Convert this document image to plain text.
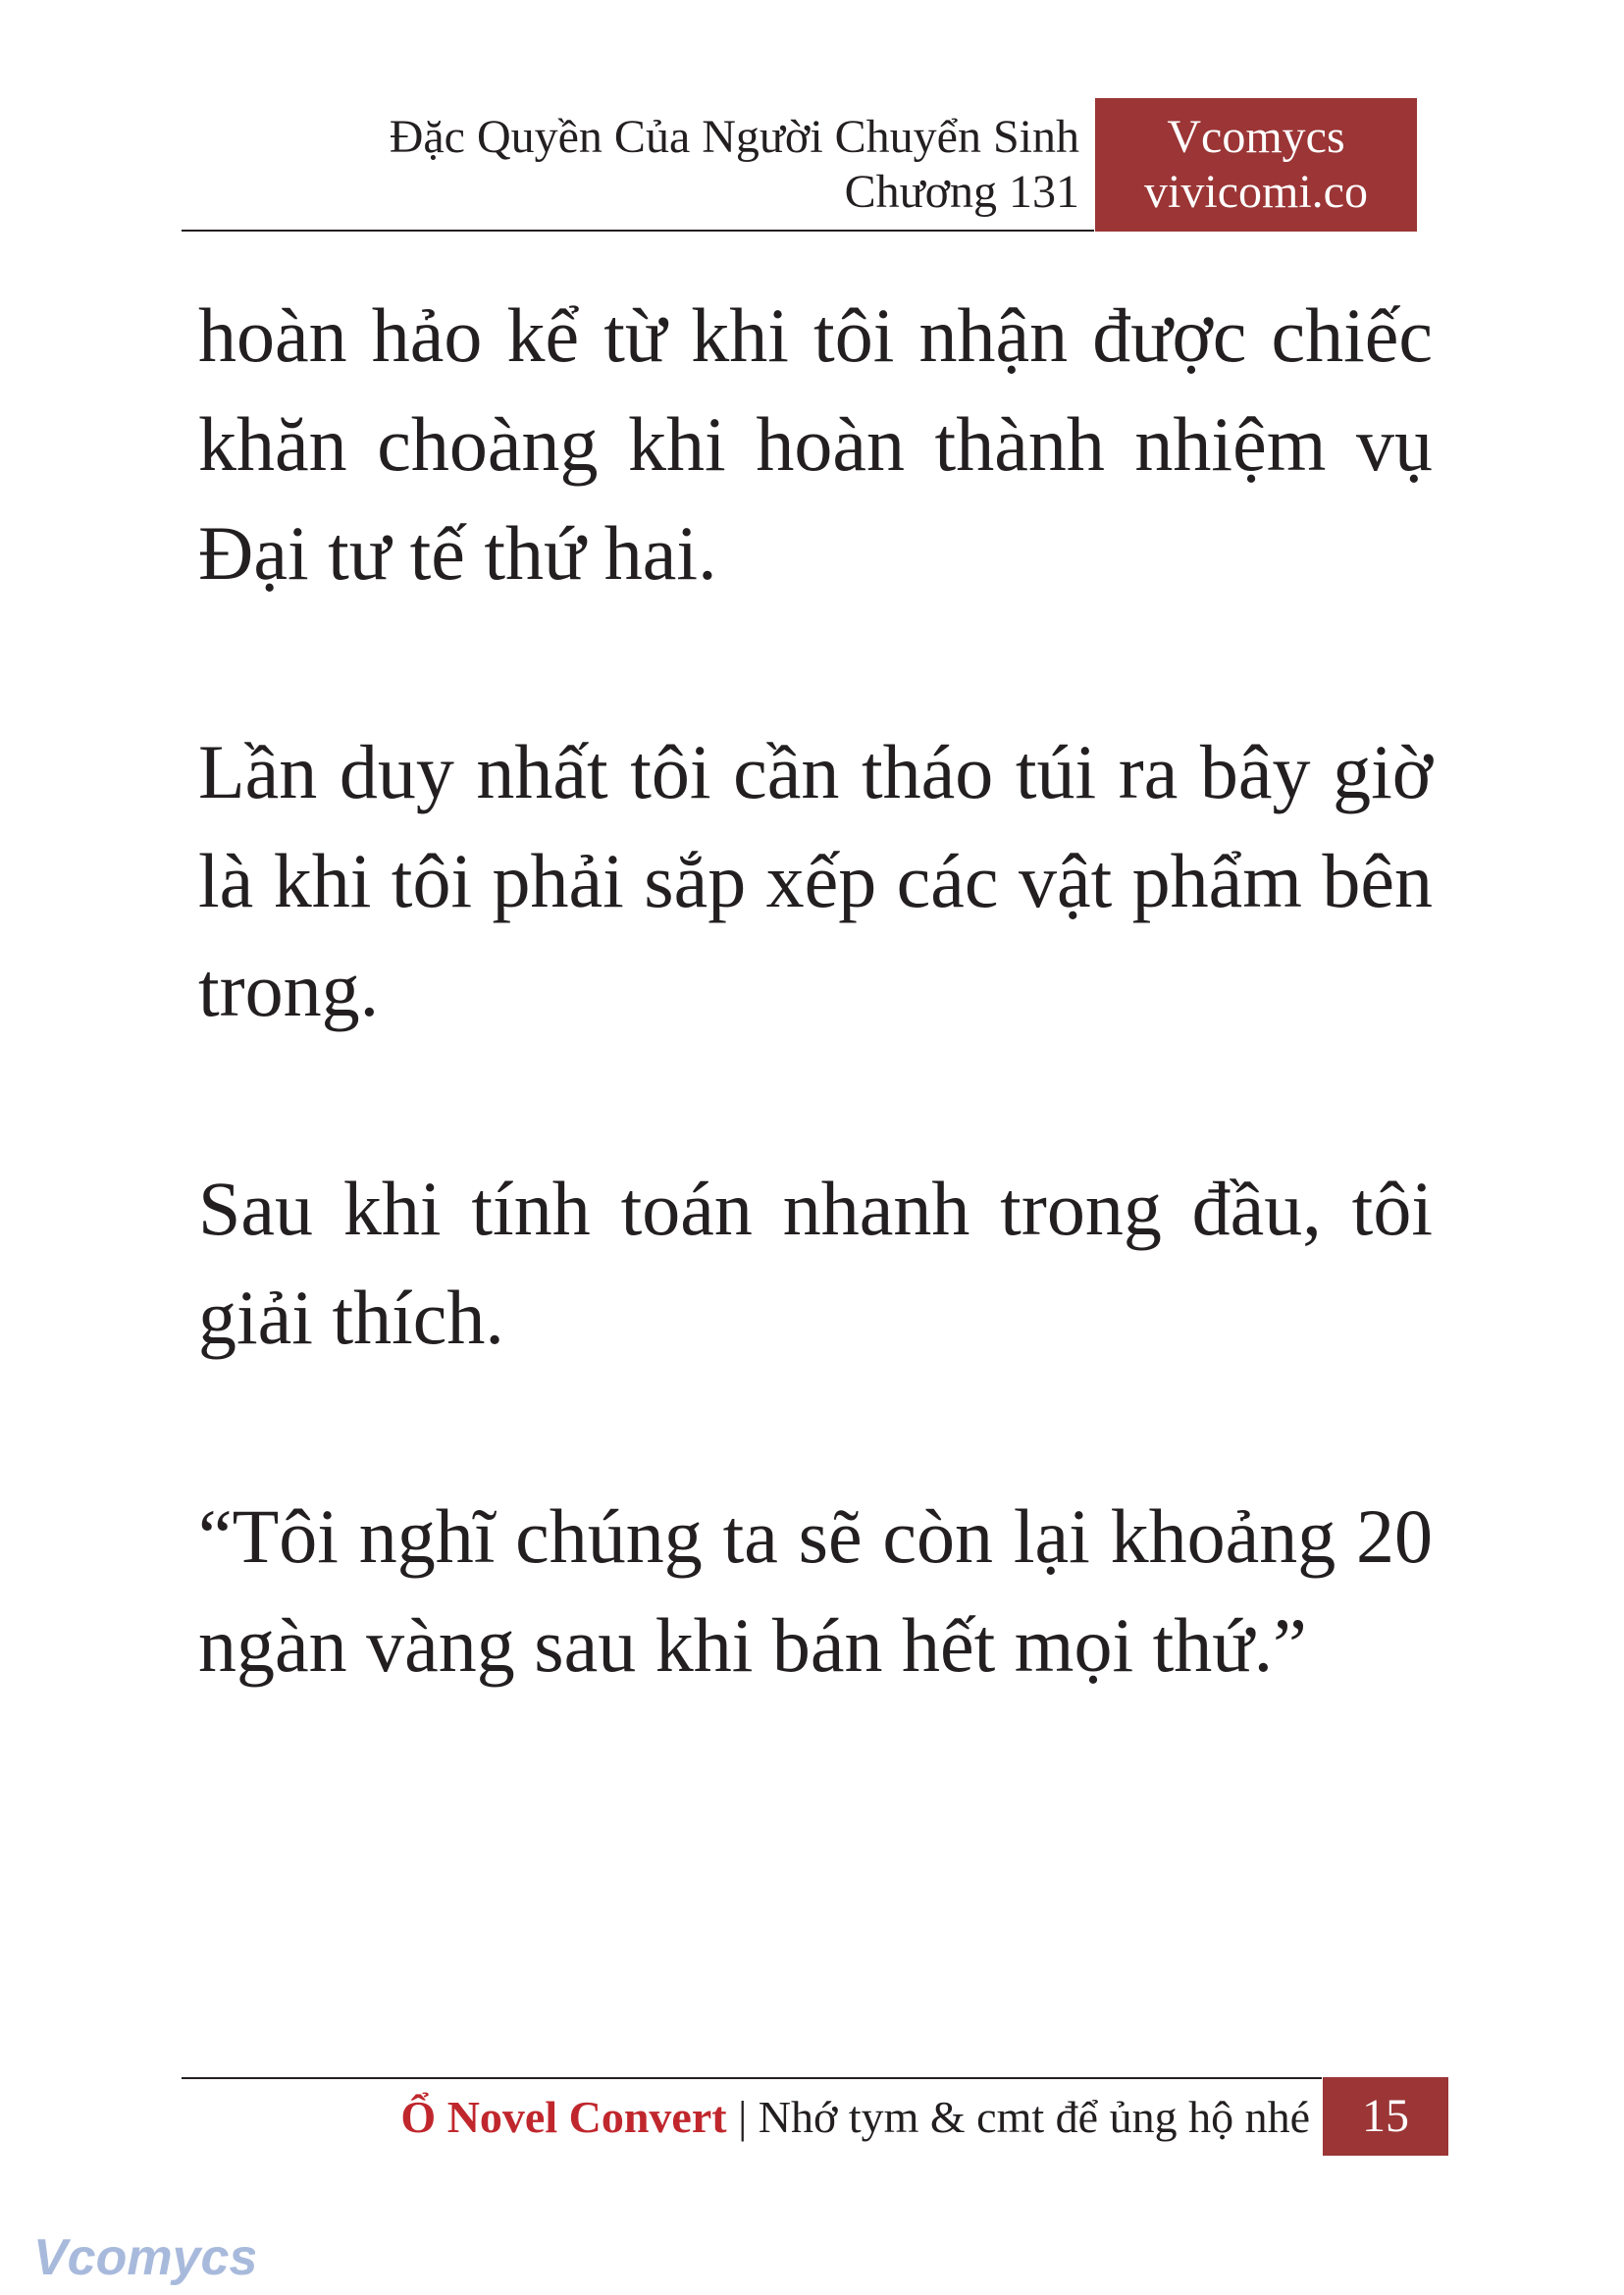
Đặc Quyền Của Người Chuyển Sinh
Chương 131
Vcomycs
vivicomi.co

hoàn hảo kể từ khi tôi nhận được chiếc khăn choàng khi hoàn thành nhiệm vụ Đại tư tế thứ hai.

Lần duy nhất tôi cần tháo túi ra bây giờ là khi tôi phải sắp xếp các vật phẩm bên trong.

Sau khi tính toán nhanh trong đầu, tôi giải thích.

“Tôi nghĩ chúng ta sẽ còn lại khoảng 20 ngàn vàng sau khi bán hết mọi thứ.”

Ổ Novel Convert | Nhớ tym & cmt để ủng hộ nhé	15
Vcomycs
